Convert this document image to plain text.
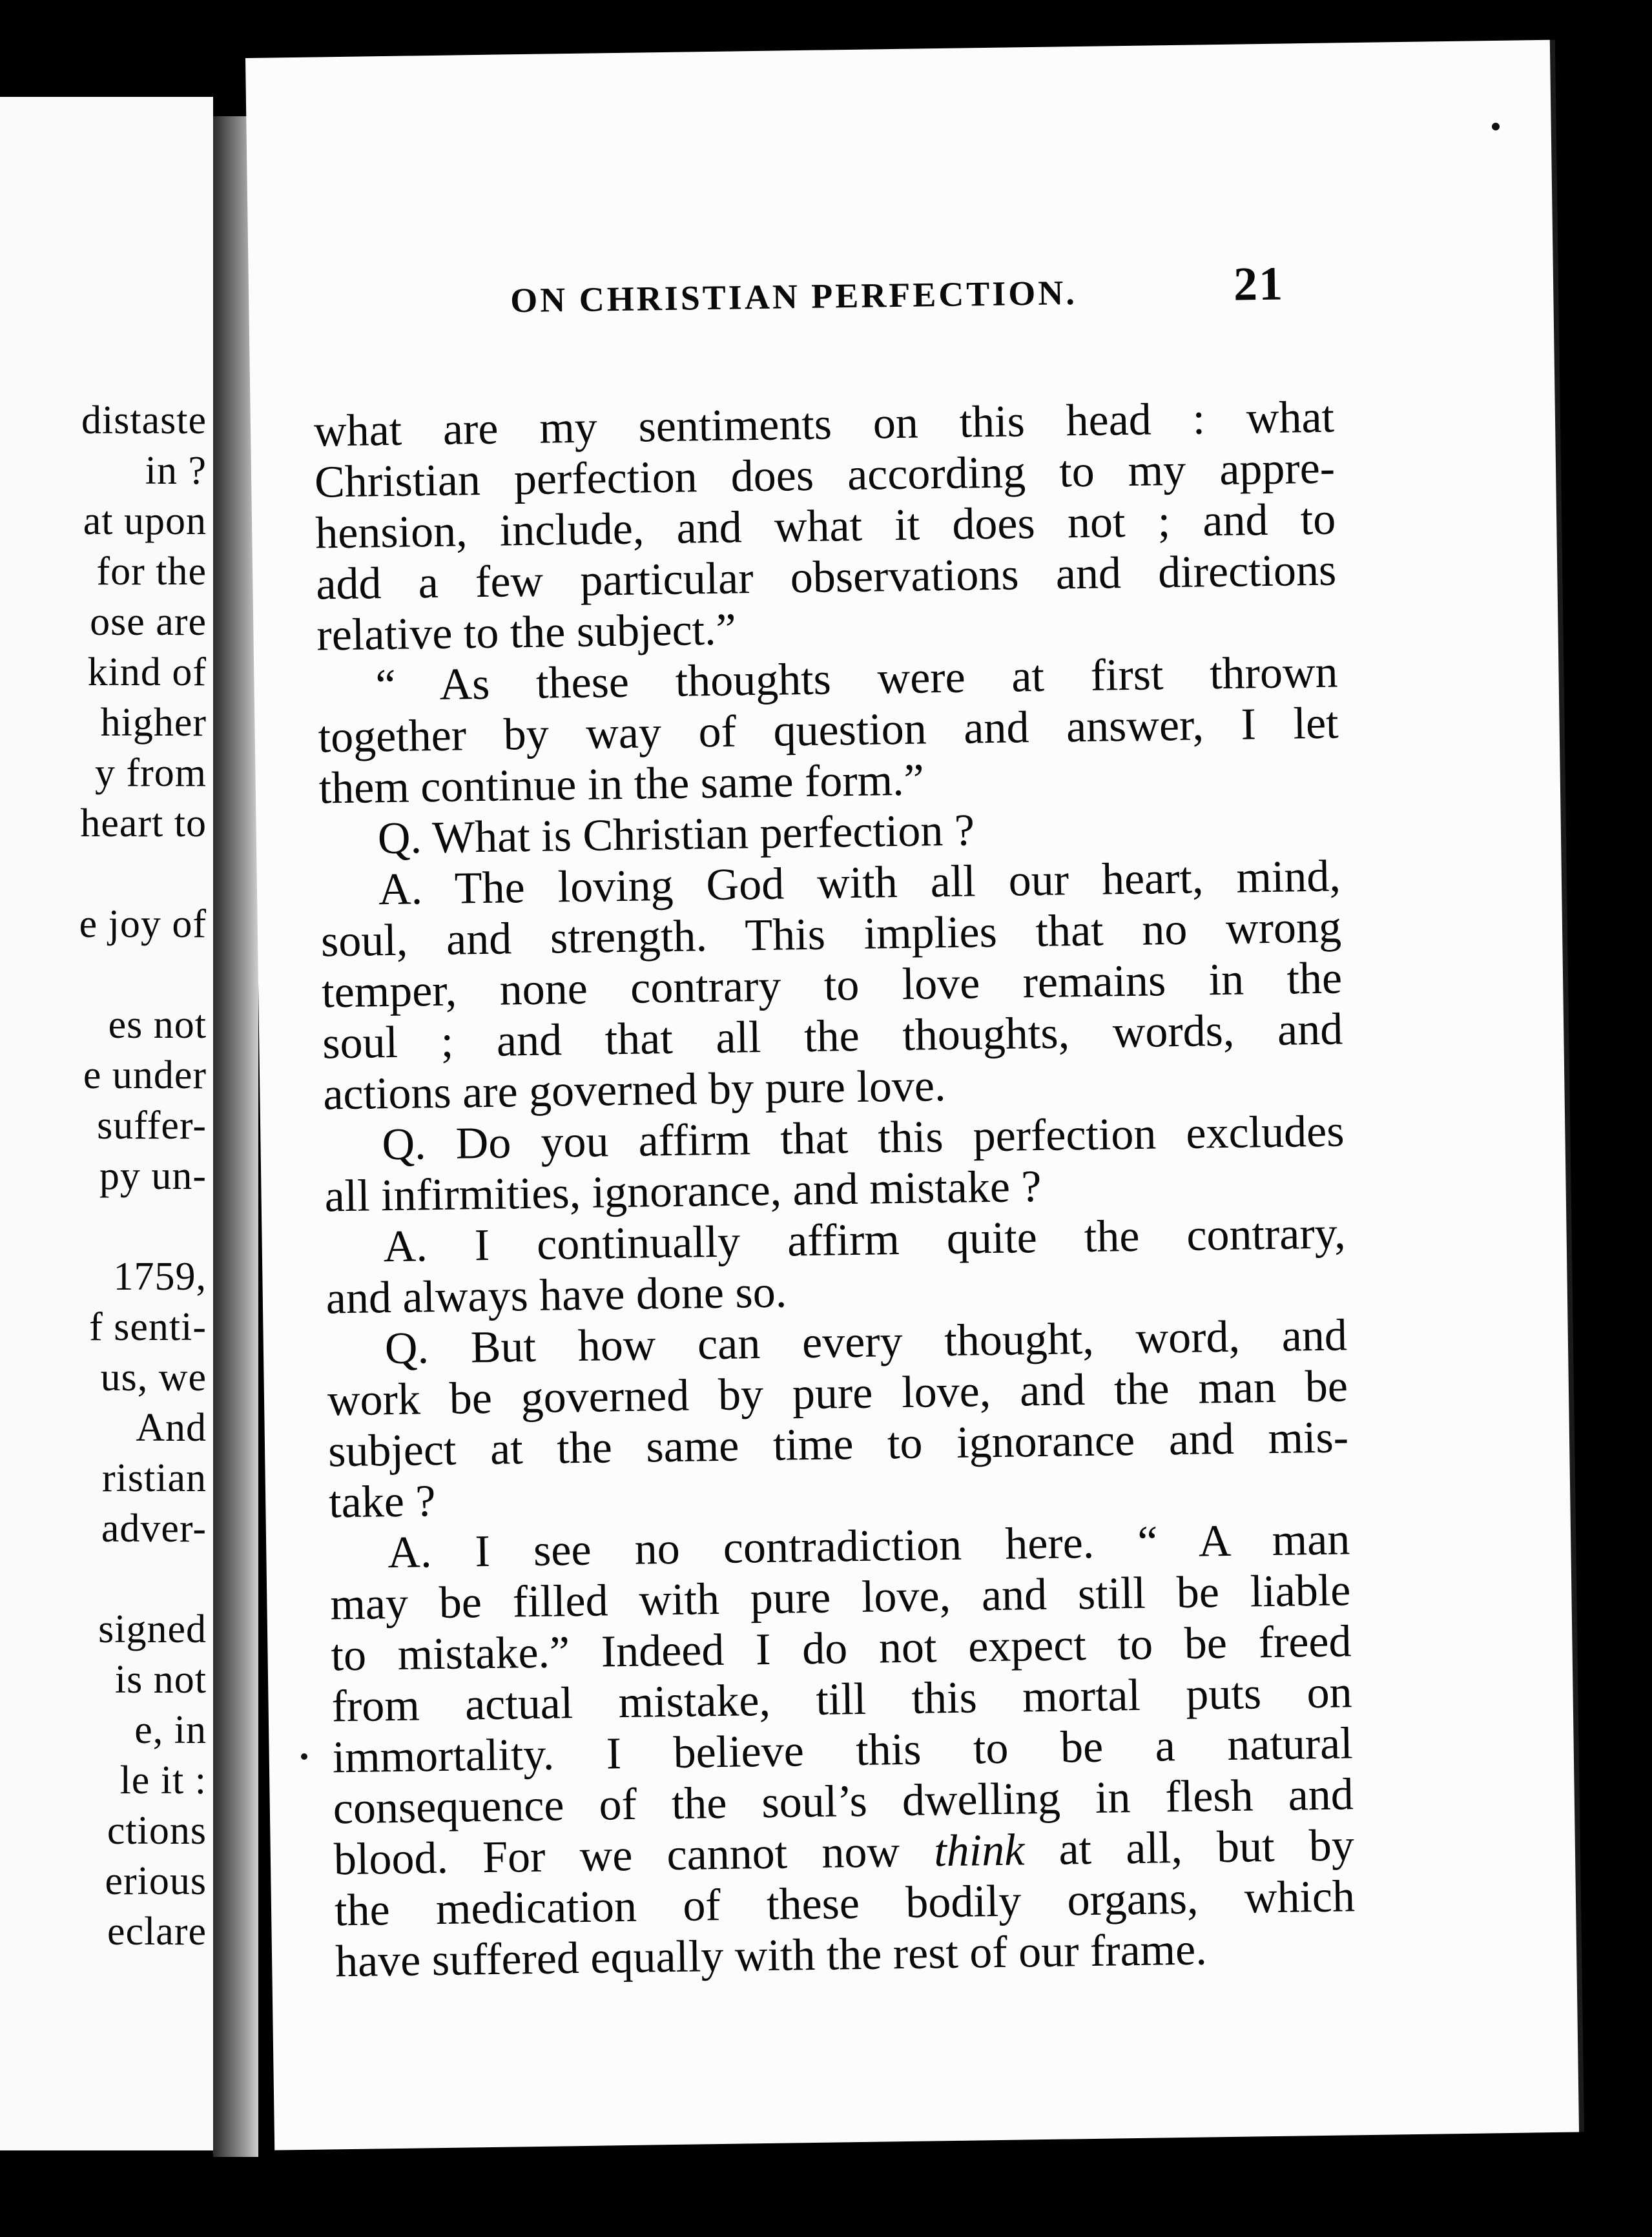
distaste
in ?
at upon
for the
ose are
kind of
higher
y from
heart to
e joy of
es not
e under
suffer-
py un-
1759,
f senti-
us, we
And
ristian
adver-
signed
is not
e, in
le it :
ctions
erious
eclare
ON CHRISTIAN PERFECTION.	21
what are my sentiments on this head : what
Christian perfection does according to my appre-
hension, include, and what it does not ; and to
add a few particular observations and directions
relative to the subject.”
“ As these thoughts were at first thrown
together by way of question and answer, I let
them continue in the same form.”
Q. What is Christian perfection ?
A. The loving God with all our heart, mind,
soul, and strength. This implies that no wrong
temper, none contrary to love remains in the
soul ; and that all the thoughts, words, and
actions are governed by pure love.
Q. Do you affirm that this perfection excludes
all infirmities, ignorance, and mistake ?
A. I continually affirm quite the contrary,
and always have done so.
Q. But how can every thought, word, and
work be governed by pure love, and the man be
subject at the same time to ignorance and mis-
take ?
A. I see no contradiction here. “ A man
may be filled with pure love, and still be liable
to mistake.” Indeed I do not expect to be freed
from actual mistake, till this mortal puts on
immortality. I believe this to be a natural
consequence of the soul’s dwelling in flesh and
blood. For we cannot now think at all, but by
the medication of these bodily organs, which
have suffered equally with the rest of our frame.
